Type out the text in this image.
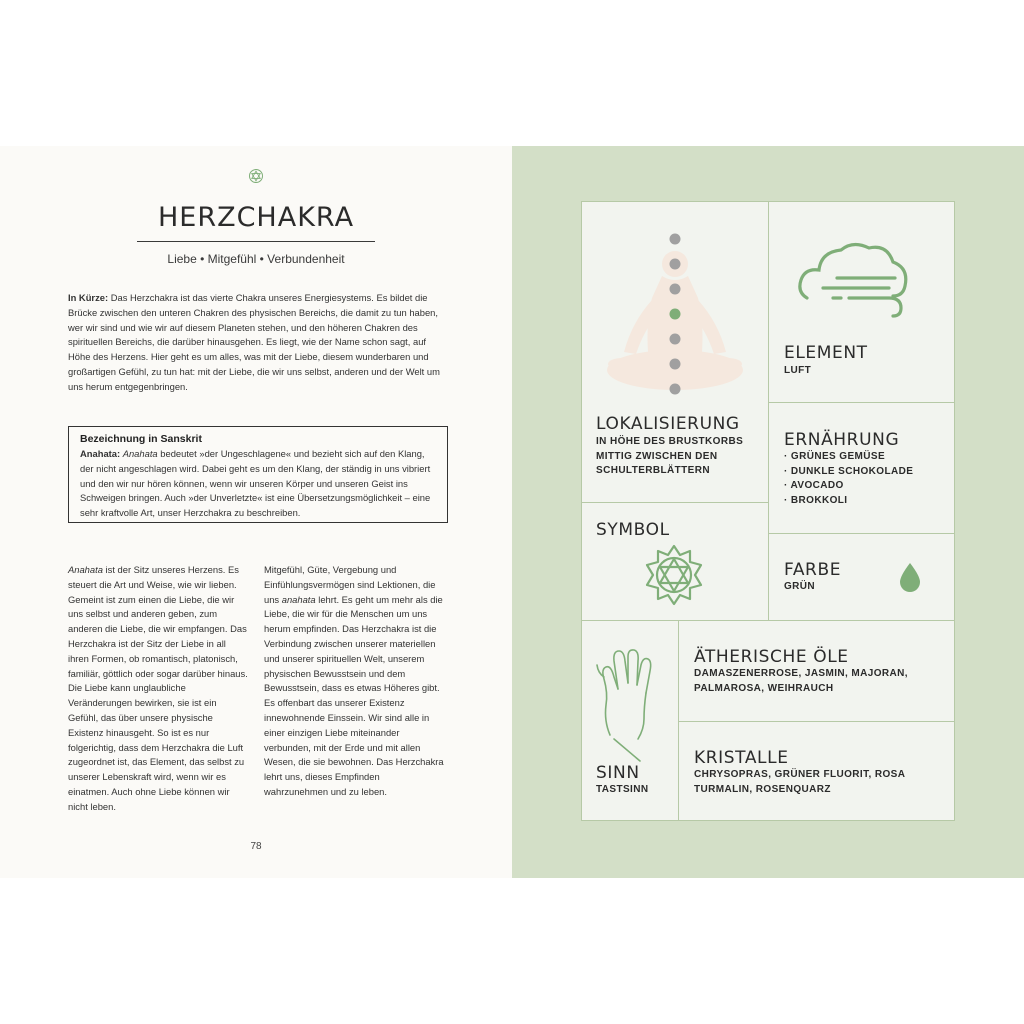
HERZCHAKRA
Liebe • Mitgefühl • Verbundenheit
In Kürze: Das Herzchakra ist das vierte Chakra unseres Energiesystems. Es bildet die Brücke zwischen den unteren Chakren des physischen Bereichs, die damit zu tun haben, wer wir sind und wie wir auf diesem Planeten stehen, und den höheren Chakren des spirituellen Bereichs, die darüber hinausgehen. Es liegt, wie der Name schon sagt, auf Höhe des Herzens. Hier geht es um alles, was mit der Liebe, diesem wunderbaren und großartigen Gefühl, zu tun hat: mit der Liebe, die wir uns selbst, anderen und der Welt um uns herum entgegenbringen.
Bezeichnung in Sanskrit
Anahata: Anahata bedeutet »der Ungeschlagene« und bezieht sich auf den Klang, der nicht angeschlagen wird. Dabei geht es um den Klang, der ständig in uns vibriert und den wir nur hören können, wenn wir unseren Körper und unseren Geist ins Schweigen bringen. Auch »der Unverletzte« ist eine Übersetzungsmöglichkeit – eine sehr kraftvolle Art, unser Herzchakra zu beschreiben.
Anahata ist der Sitz unseres Herzens. Es steuert die Art und Weise, wie wir lieben. Gemeint ist zum einen die Liebe, die wir uns selbst und anderen geben, zum anderen die Liebe, die wir empfangen. Das Herzchakra ist der Sitz der Liebe in all ihren Formen, ob romantisch, platonisch, familiär, göttlich oder sogar darüber hinaus. Die Liebe kann unglaubliche Veränderungen bewirken, sie ist ein Gefühl, das über unsere physische Existenz hinausgeht. So ist es nur folgerichtig, dass dem Herzchakra die Luft zugeordnet ist, das Element, das selbst zu unserer Lebenskraft wird, wenn wir es einatmen. Auch ohne Liebe können wir nicht leben.
Mitgefühl, Güte, Vergebung und Einfühlungsvermögen sind Lektionen, die uns anahata lehrt. Es geht um mehr als die Liebe, die wir für die Menschen um uns herum empfinden. Das Herzchakra ist die Verbindung zwischen unserer materiellen und unserer spirituellen Welt, unserem physischen Bewusstsein und dem Bewusstsein, dass es etwas Höheres gibt. Es offenbart das unserer Existenz innewohnende Einssein. Wir sind alle in einer einzigen Liebe miteinander verbunden, mit der Erde und mit allen Wesen, die sie bewohnen. Das Herzchakra lehrt uns, dieses Empfinden wahrzunehmen und zu leben.
78
LOKALISIERUNG
IN HÖHE DES BRUSTKORBS MITTIG ZWISCHEN DEN SCHULTERBLÄTTERN
ELEMENT
LUFT
ERNÄHRUNG
· GRÜNES GEMÜSE
· DUNKLE SCHOKOLADE
· AVOCADO
· BROKKOLI
SYMBOL
FARBE
GRÜN
SINN
TASTSINN
ÄTHERISCHE ÖLE
DAMASZENERROSE, JASMIN, MAJORAN, PALMAROSA, WEIHRAUCH
KRISTALLE
CHRYSOPRAS, GRÜNER FLUORIT, ROSA TURMALIN, ROSENQUARZ
